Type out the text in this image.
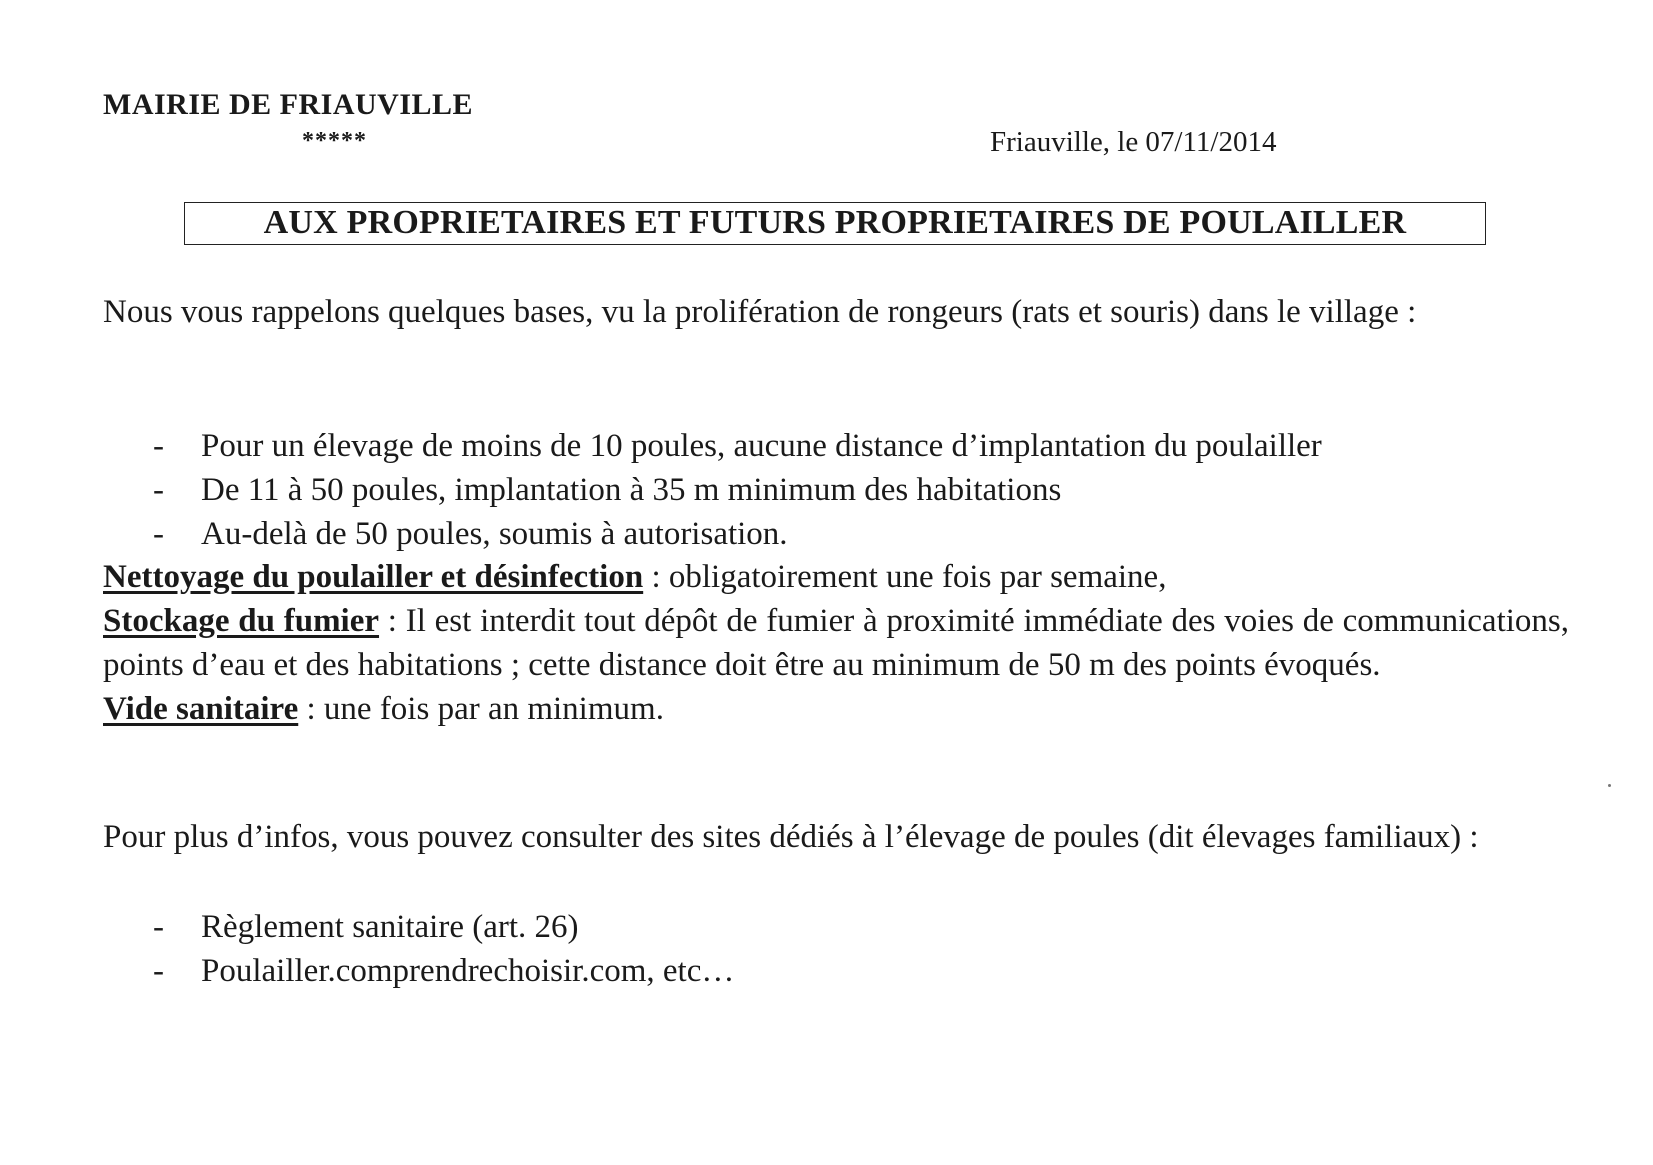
MAIRIE DE FRIAUVILLE
*****	Friauville, le 07/11/2014
AUX PROPRIETAIRES ET FUTURS PROPRIETAIRES DE POULAILLER

Nous vous rappelons quelques bases, vu la prolifération de rongeurs (rats et souris) dans le village :

- Pour un élevage de moins de 10 poules, aucune distance d’implantation du poulailler
- De 11 à 50 poules, implantation à 35 m minimum des habitations
- Au-delà de 50 poules, soumis à autorisation.

Nettoyage du poulailler et désinfection : obligatoirement une fois par semaine,

Stockage du fumier : Il est interdit tout dépôt de fumier à proximité immédiate des voies de communications, points d’eau et des habitations ; cette distance doit être au minimum de 50 m des points évoqués.

Vide sanitaire : une fois par an minimum.

Pour plus d’infos, vous pouvez consulter des sites dédiés à l’élevage de poules (dit élevages familiaux) :

- Règlement sanitaire (art. 26)
- Poulailler.comprendrechoisir.com, etc…
